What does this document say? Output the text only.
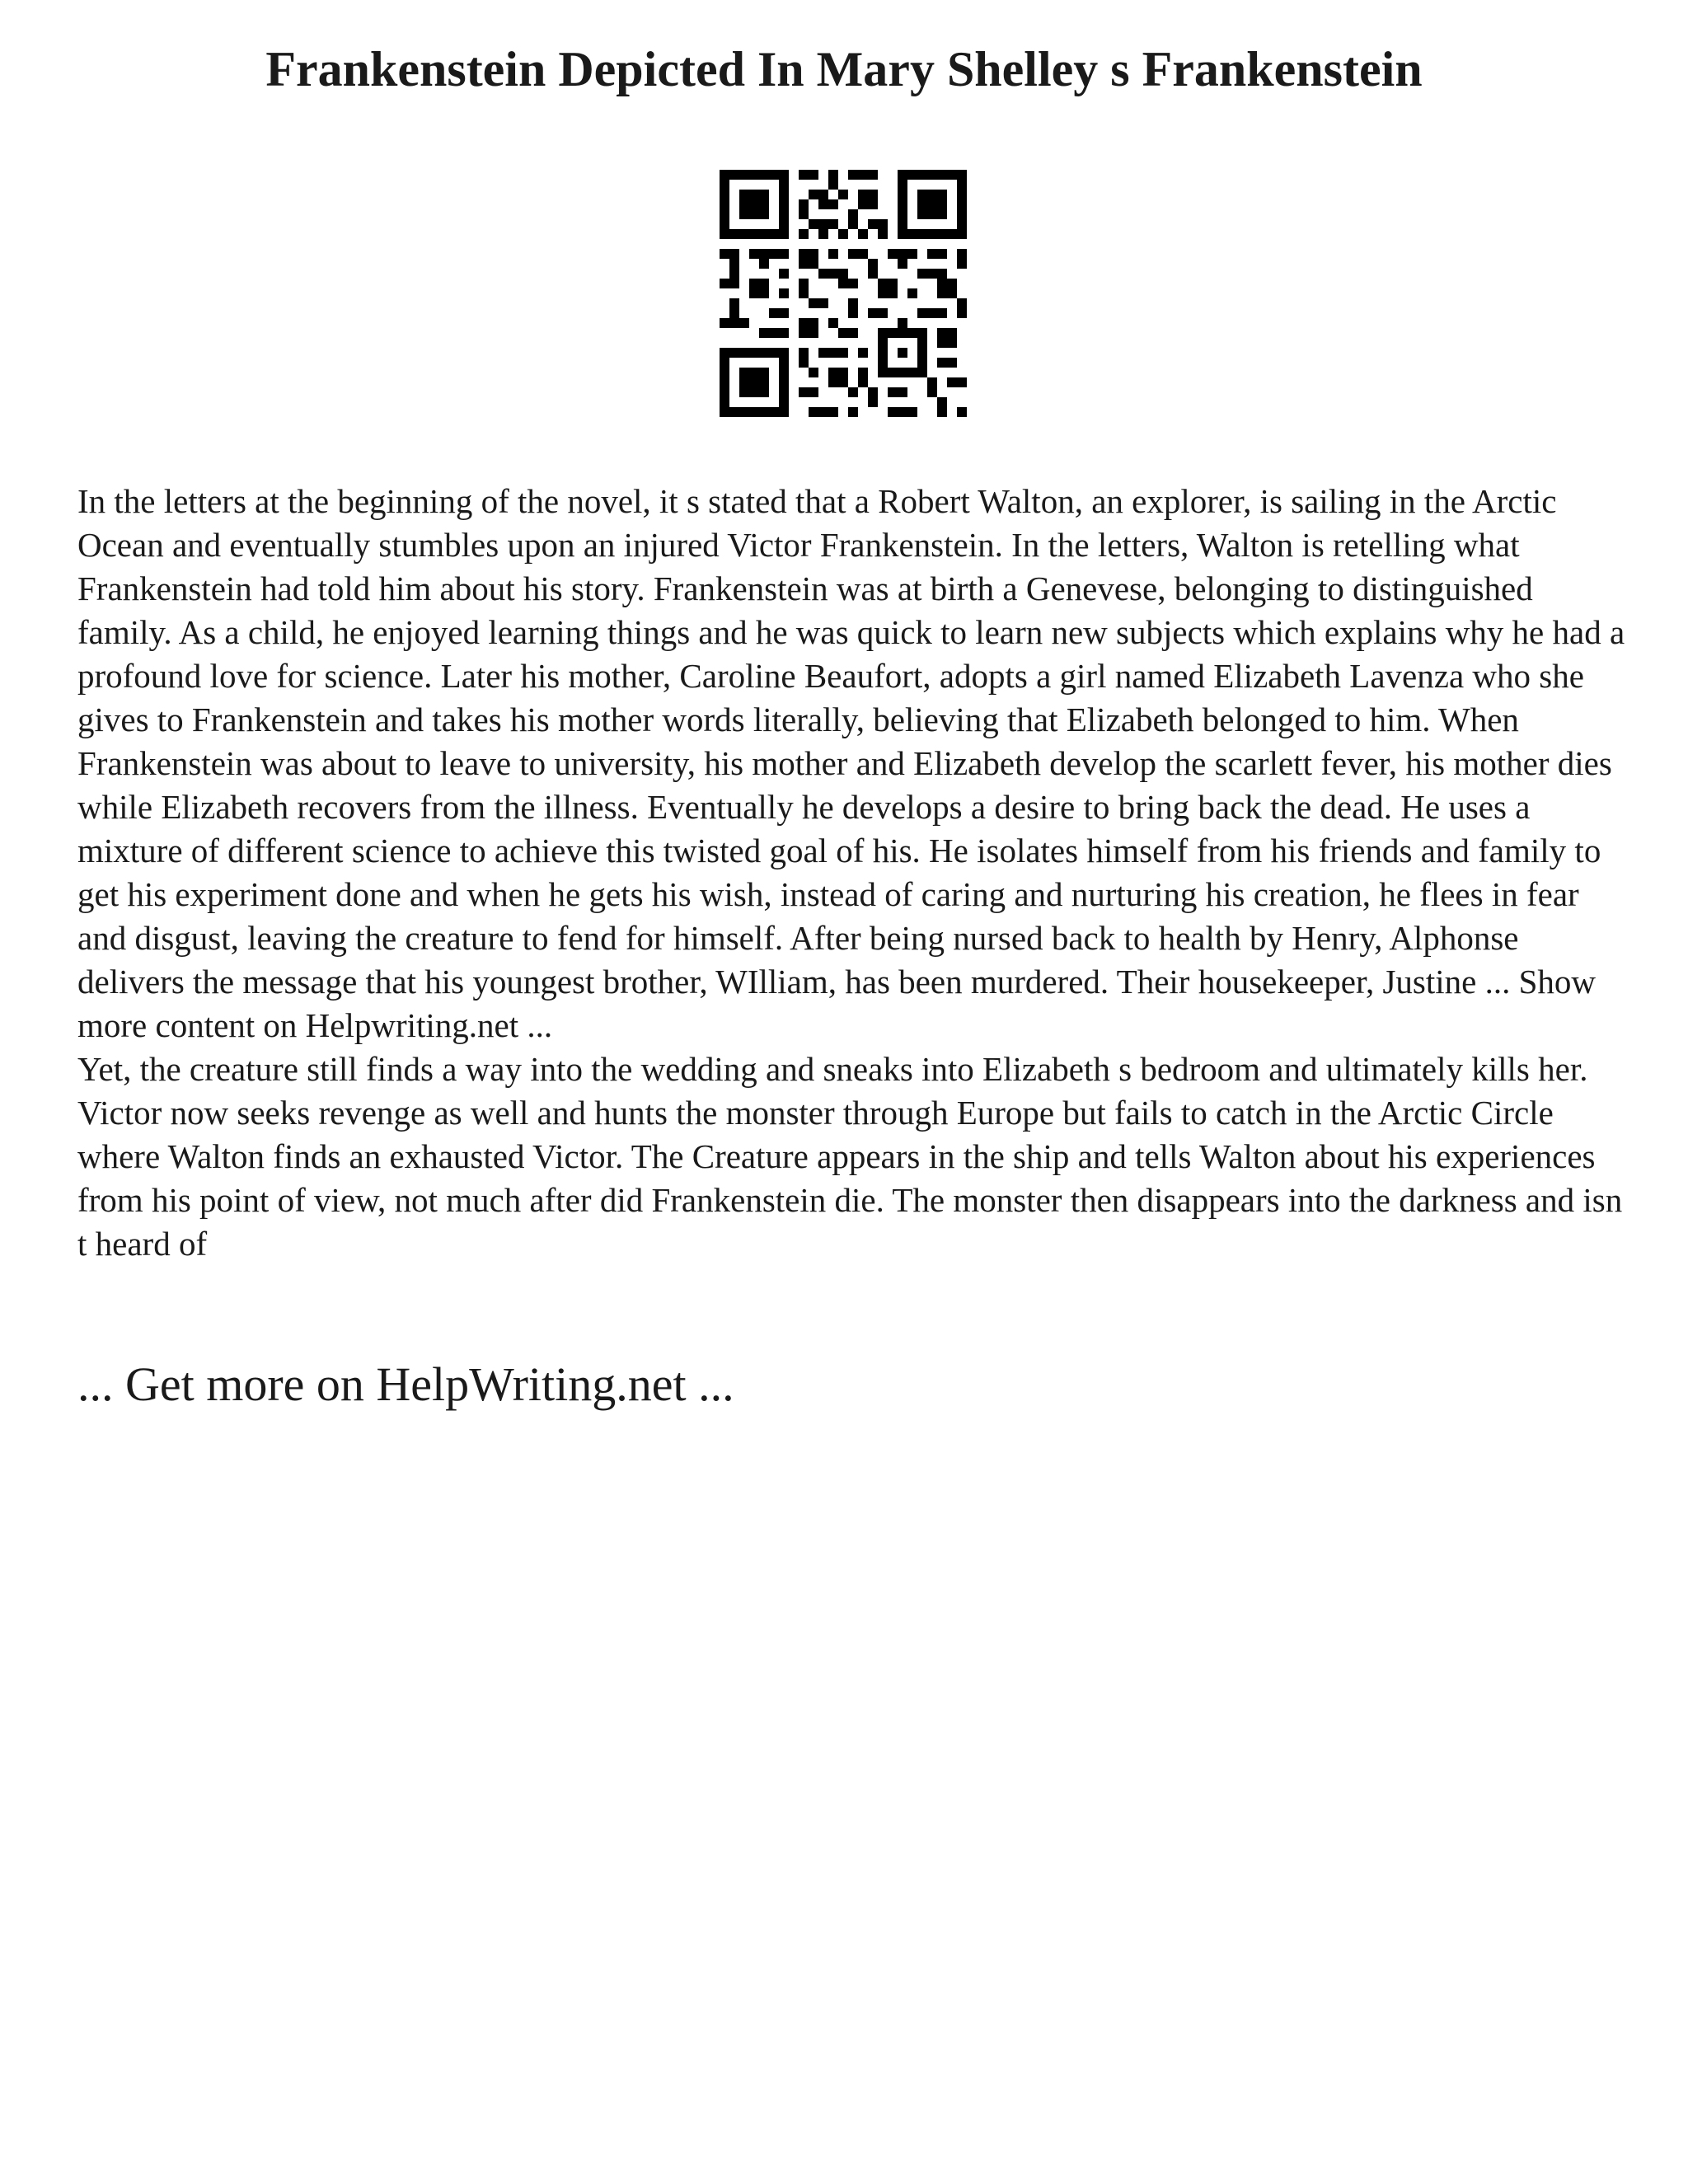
Frankenstein Depicted In Mary Shelley s Frankenstein

In the letters at the beginning of the novel, it s stated that a Robert Walton, an explorer, is sailing in the Arctic Ocean and eventually stumbles upon an injured Victor Frankenstein. In the letters, Walton is retelling what Frankenstein had told him about his story. Frankenstein was at birth a Genevese, belonging to distinguished family. As a child, he enjoyed learning things and he was quick to learn new subjects which explains why he had a profound love for science. Later his mother, Caroline Beaufort, adopts a girl named Elizabeth Lavenza who she gives to Frankenstein and takes his mother words literally, believing that Elizabeth belonged to him. When Frankenstein was about to leave to university, his mother and Elizabeth develop the scarlett fever, his mother dies while Elizabeth recovers from the illness. Eventually he develops a desire to bring back the dead. He uses a mixture of different science to achieve this twisted goal of his. He isolates himself from his friends and family to get his experiment done and when he gets his wish, instead of caring and nurturing his creation, he flees in fear and disgust, leaving the creature to fend for himself. After being nursed back to health by Henry, Alphonse delivers the message that his youngest brother, WIlliam, has been murdered. Their housekeeper, Justine ... Show more content on Helpwriting.net ...

Yet, the creature still finds a way into the wedding and sneaks into Elizabeth s bedroom and ultimately kills her. Victor now seeks revenge as well and hunts the monster through Europe but fails to catch in the Arctic Circle where Walton finds an exhausted Victor. The Creature appears in the ship and tells Walton about his experiences from his point of view, not much after did Frankenstein die. The monster then disappears into the darkness and isn t heard of

... Get more on HelpWriting.net ...
